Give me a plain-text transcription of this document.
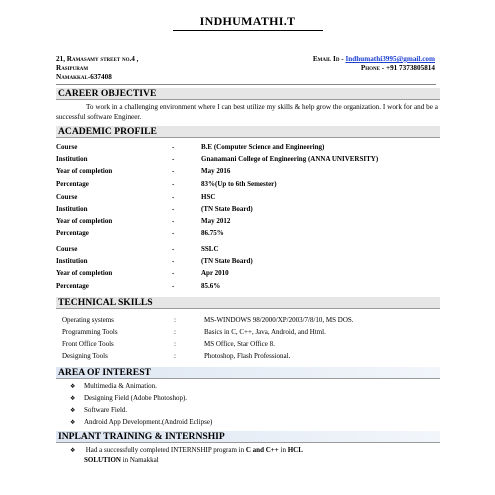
INDHUMATHI.T
21, Ramasamy street no.4 ,
Rasipuram
Namakkal-637408
Email Id - Indhumathi3995@gmail.com
Phone - +91 7373805814
CAREER OBJECTIVE
To work in a challenging environment where I can best utilize my skills & help grow the organization. I work for and be a successful software Engineer.
ACADEMIC PROFILE
Course	-	B.E (Computer Science and Engineering)
Institution	-	Gnanamani College of Engineering (ANNA UNIVERSITY)
Year of completion	-	May 2016
Percentage	-	83%(Up to 6th Semester)
Course	-	HSC
Institution	-	(TN State Board)
Year of completion	-	May 2012
Percentage	-	86.75%
Course	-	SSLC
Institution	-	(TN State Board)
Year of completion	-	Apr 2010
Percentage	-	85.6%
TECHNICAL SKILLS
Operating systems	:	MS-WINDOWS 98/2000/XP/2003/7/8/10, MS DOS.
Programming Tools	:	Basics in C, C++, Java, Android, and Html.
Front Office Tools	:	MS Office, Star Office 8.
Designing Tools	:	Photoshop, Flash Professional.
AREA OF INTEREST
❖ Multimedia & Animation.
❖ Designing Field (Adobe Photoshop).
❖ Software Field.
❖ Android App Development.(Android Eclipse)
INPLANT TRAINING & INTERNSHIP
❖ Had a successfully completed INTERNSHIP program in C and C++ in HCL
SOLUTION in Namakkal
